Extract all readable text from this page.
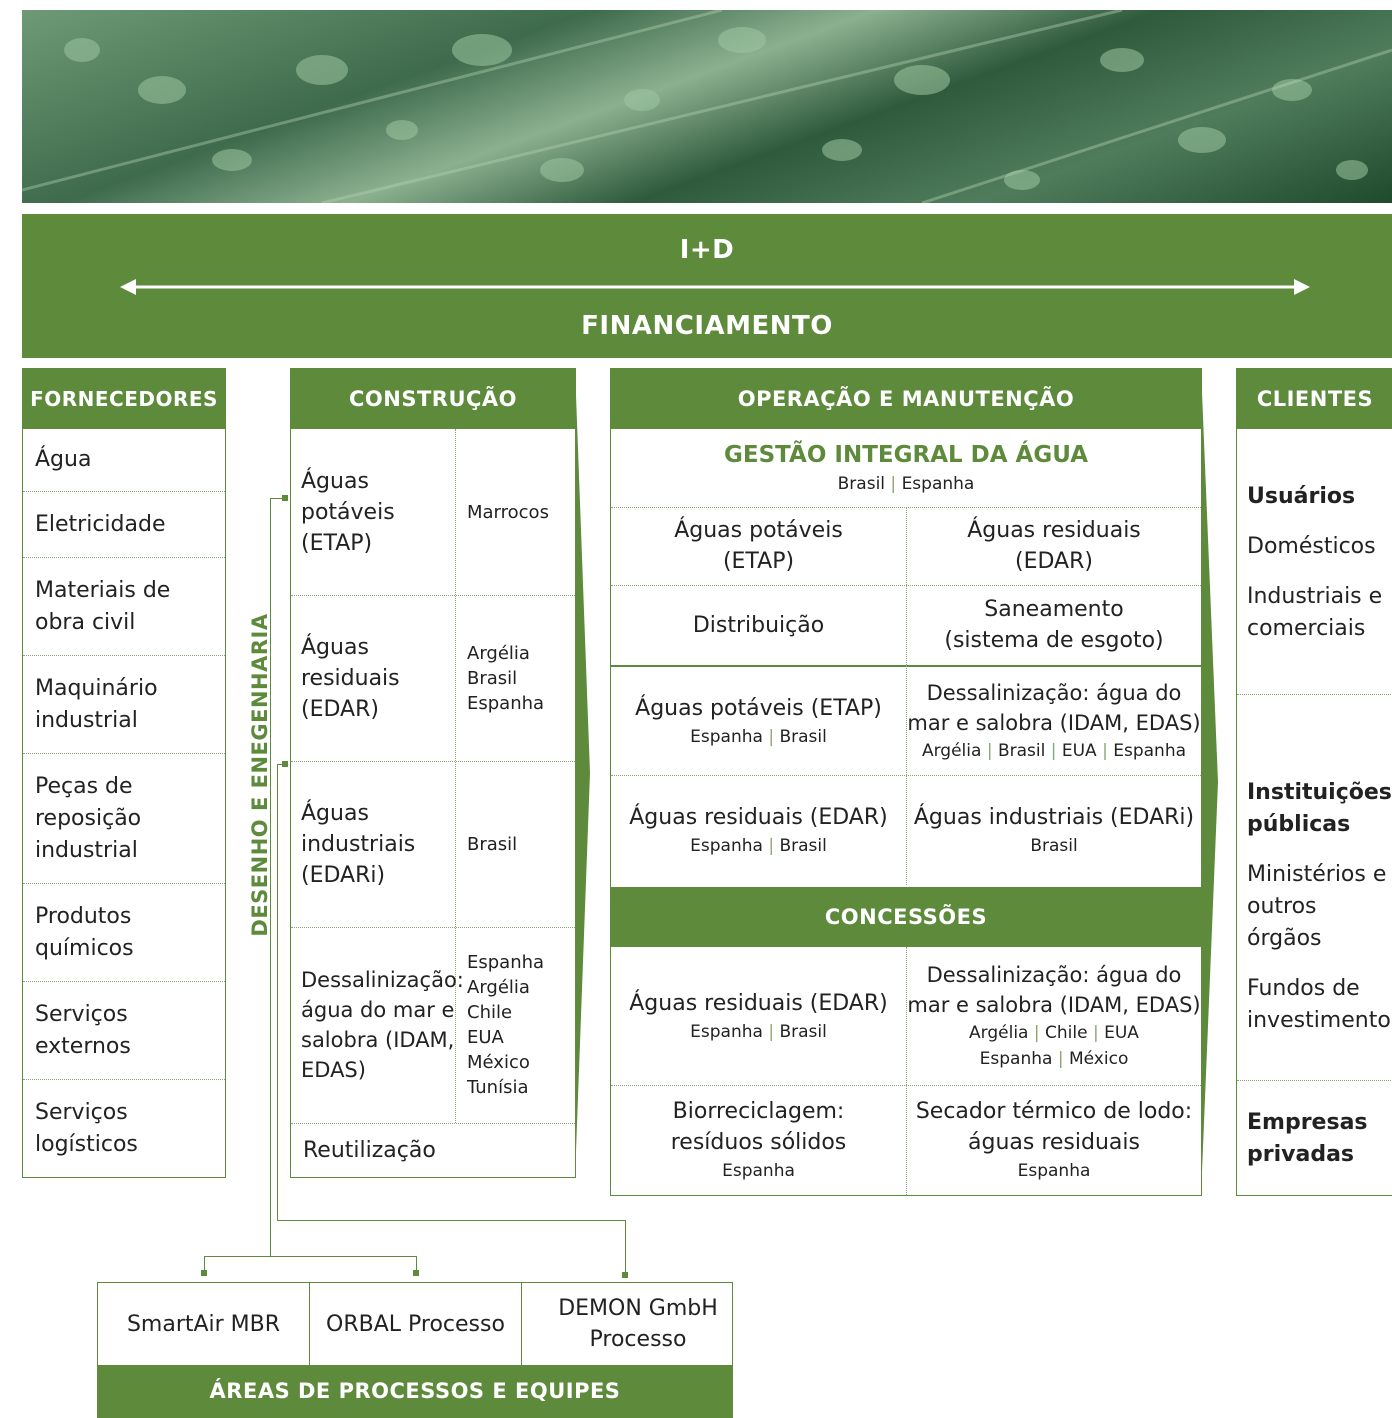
I+D
FINANCIAMENTO
FORNECEDORES
Água
Eletricidade
Materiais de obra civil
Maquinário industrial
Peças de reposição industrial
Produtos químicos
Serviços externos
Serviços logísticos
DESENHO E ENEGENHARIA
CONSTRUÇÃO
Águas potáveis (ETAP)
Marrocos
Águas residuais (EDAR)
Argélia
Brasil
Espanha
Águas industriais (EDARi)
Brasil
Dessalinização: água do mar e salobra (IDAM, EDAS)
Espanha
Argélia
Chile
EUA
México
Tunísia
Reutilização
OPERAÇÃO E MANUTENÇÃO
GESTÃO INTEGRAL DA ÁGUA
Brasil | Espanha
Águas potáveis
(ETAP)
Águas residuais
(EDAR)
Distribuição
Saneamento
(sistema de esgoto)
Águas potáveis (ETAP)
Espanha | Brasil
Dessalinização: água do
mar e salobra (IDAM, EDAS)
Argélia | Brasil | EUA | Espanha
Águas residuais (EDAR)
Espanha | Brasil
Águas industriais (EDARi)
Brasil
CONCESSÕES
Águas residuais (EDAR)
Espanha | Brasil
Dessalinização: água do
mar e salobra (IDAM, EDAS)
Argélia | Chile | EUA
Espanha | México
Biorreciclagem:
resíduos sólidos
Espanha
Secador térmico de lodo:
águas residuais
Espanha
CLIENTES
Usuários
Domésticos
Industriais e comerciais
Instituições públicas
Ministérios e outros órgãos
Fundos de investimento
Empresas privadas
SmartAir MBR	ORBAL Processo
DEMON GmbH Processo
ÁREAS DE PROCESSOS E EQUIPES
